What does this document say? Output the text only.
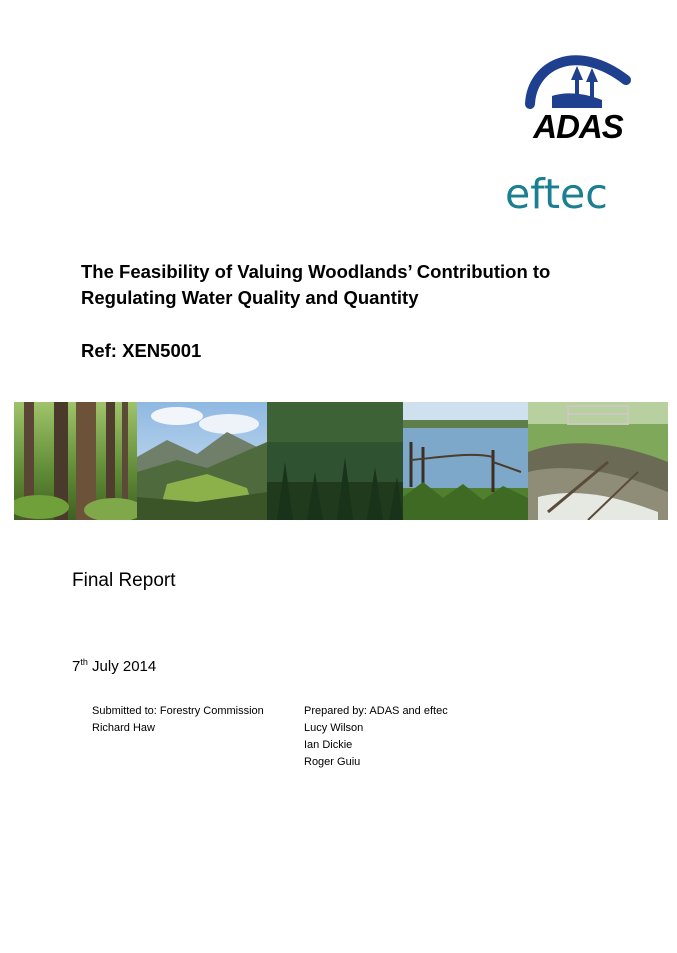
ADAS
eftec
The Feasibility of Valuing Woodlands’ Contribution to Regulating Water Quality and Quantity
Ref: XEN5001
Final Report
7th July 2014
Submitted to: Forestry Commission
Richard Haw
Prepared by: ADAS and eftec
Lucy Wilson
Ian Dickie
Roger Guiu
